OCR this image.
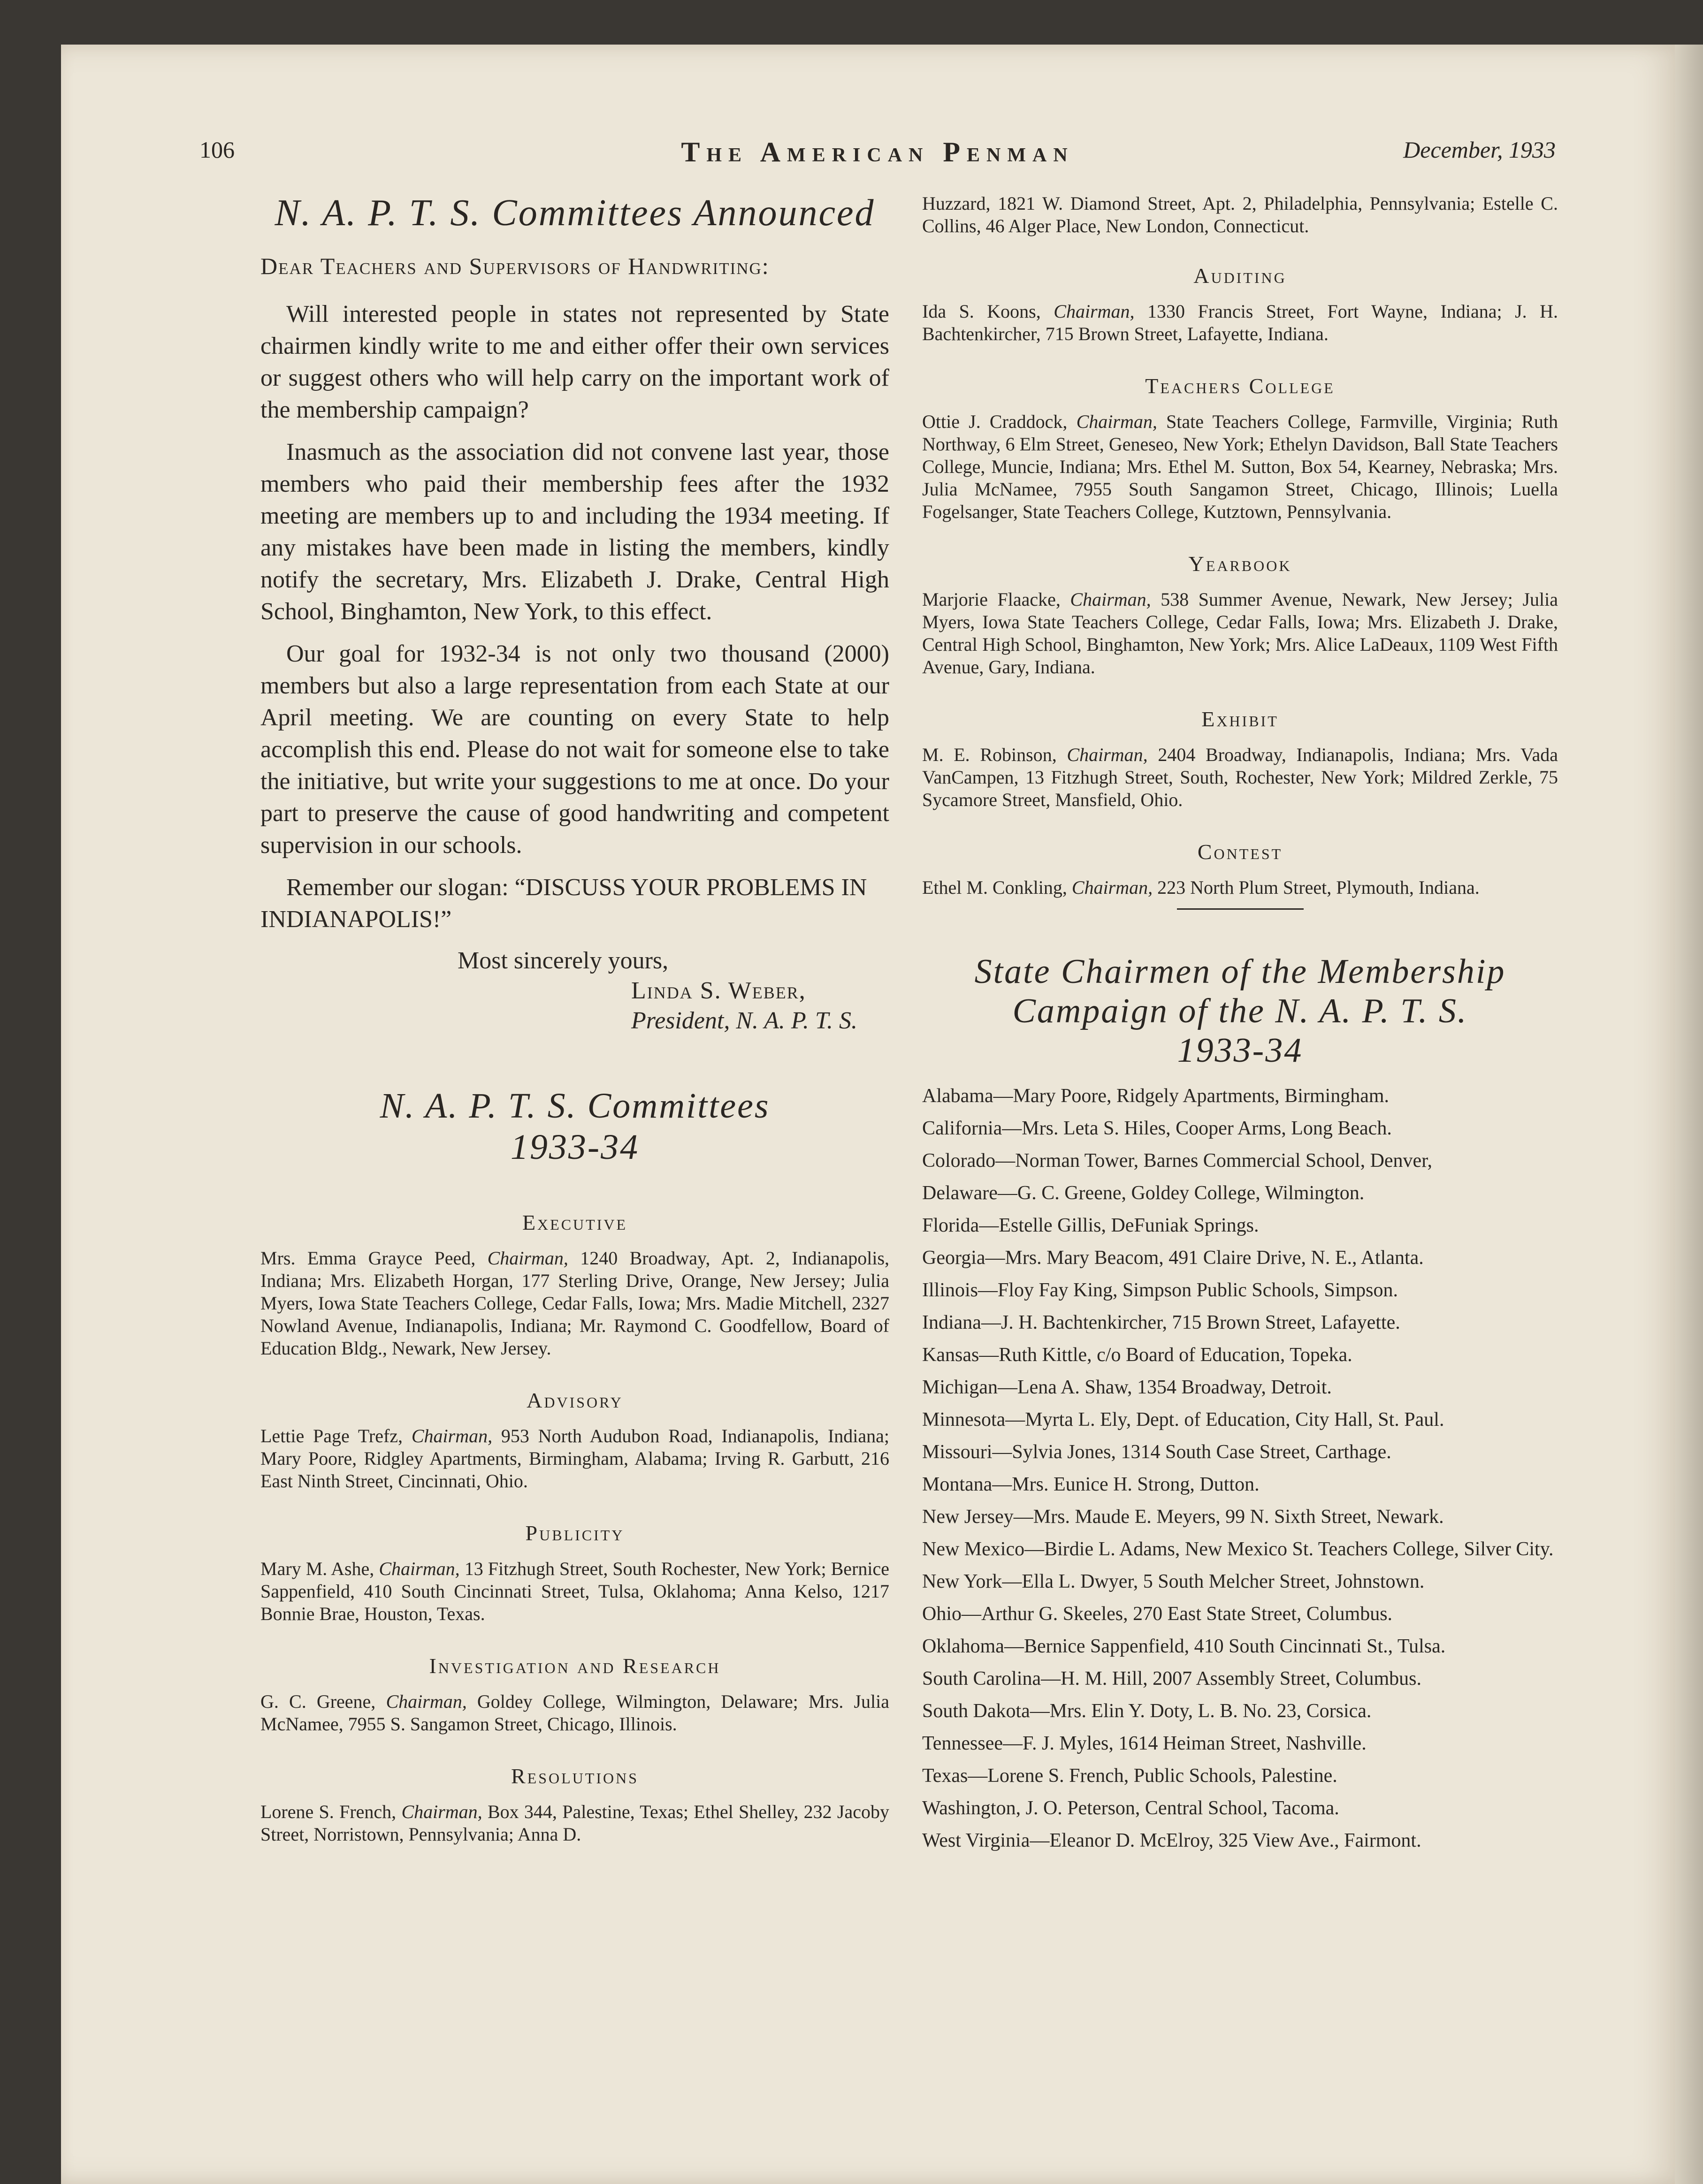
106	The American Penman	December, 1933
N. A. P. T. S. Committees Announced
Dear Teachers and Supervisors of Handwriting:

Will interested people in states not represented by State chairmen kindly write to me and either offer their own services or suggest others who will help carry on the important work of the membership campaign?

Inasmuch as the association did not convene last year, those members who paid their membership fees after the 1932 meeting are members up to and including the 1934 meeting. If any mistakes have been made in listing the members, kindly notify the secretary, Mrs. Elizabeth J. Drake, Central High School, Binghamton, New York, to this effect.

Our goal for 1932-34 is not only two thousand (2000) members but also a large representation from each State at our April meeting. We are counting on every State to help accomplish this end. Please do not wait for someone else to take the initiative, but write your suggestions to me at once. Do your part to preserve the cause of good handwriting and competent supervision in our schools.

Remember our slogan: “DISCUSS YOUR PROBLEMS IN INDIANAPOLIS!”

Most sincerely yours,
Linda S. Weber,
President, N. A. P. T. S.
N. A. P. T. S. Committees
1933-34
Executive

Mrs. Emma Grayce Peed, Chairman, 1240 Broadway, Apt. 2, Indianapolis, Indiana; Mrs. Elizabeth Horgan, 177 Sterling Drive, Orange, New Jersey; Julia Myers, Iowa State Teachers College, Cedar Falls, Iowa; Mrs. Madie Mitchell, 2327 Nowland Avenue, Indianapolis, Indiana; Mr. Raymond C. Goodfellow, Board of Education Bldg., Newark, New Jersey.

Advisory

Lettie Page Trefz, Chairman, 953 North Audubon Road, Indianapolis, Indiana; Mary Poore, Ridgley Apartments, Birmingham, Alabama; Irving R. Garbutt, 216 East Ninth Street, Cincinnati, Ohio.

Publicity

Mary M. Ashe, Chairman, 13 Fitzhugh Street, South Rochester, New York; Bernice Sappenfield, 410 South Cincinnati Street, Tulsa, Oklahoma; Anna Kelso, 1217 Bonnie Brae, Houston, Texas.

Investigation and Research

G. C. Greene, Chairman, Goldey College, Wilmington, Delaware; Mrs. Julia McNamee, 7955 S. Sangamon Street, Chicago, Illinois.

Resolutions

Lorene S. French, Chairman, Box 344, Palestine, Texas; Ethel Shelley, 232 Jacoby Street, Norristown, Pennsylvania; Anna D.

Huzzard, 1821 W. Diamond Street, Apt. 2, Philadelphia, Pennsylvania; Estelle C. Collins, 46 Alger Place, New London, Connecticut.

Auditing

Ida S. Koons, Chairman, 1330 Francis Street, Fort Wayne, Indiana; J. H. Bachtenkircher, 715 Brown Street, Lafayette, Indiana.

Teachers College

Ottie J. Craddock, Chairman, State Teachers College, Farmville, Virginia; Ruth Northway, 6 Elm Street, Geneseo, New York; Ethelyn Davidson, Ball State Teachers College, Muncie, Indiana; Mrs. Ethel M. Sutton, Box 54, Kearney, Nebraska; Mrs. Julia McNamee, 7955 South Sangamon Street, Chicago, Illinois; Luella Fogelsanger, State Teachers College, Kutztown, Pennsylvania.

Yearbook

Marjorie Flaacke, Chairman, 538 Summer Avenue, Newark, New Jersey; Julia Myers, Iowa State Teachers College, Cedar Falls, Iowa; Mrs. Elizabeth J. Drake, Central High School, Binghamton, New York; Mrs. Alice LaDeaux, 1109 West Fifth Avenue, Gary, Indiana.

Exhibit

M. E. Robinson, Chairman, 2404 Broadway, Indianapolis, Indiana; Mrs. Vada VanCampen, 13 Fitzhugh Street, South, Rochester, New York; Mildred Zerkle, 75 Sycamore Street, Mansfield, Ohio.

Contest

Ethel M. Conkling, Chairman, 223 North Plum Street, Plymouth, Indiana.

State Chairmen of the Membership
Campaign of the N. A. P. T. S.
1933-34
Alabama—Mary Poore, Ridgely Apartments, Birmingham.
California—Mrs. Leta S. Hiles, Cooper Arms, Long Beach.
Colorado—Norman Tower, Barnes Commercial School, Denver,
Delaware—G. C. Greene, Goldey College, Wilmington.
Florida—Estelle Gillis, DeFuniak Springs.
Georgia—Mrs. Mary Beacom, 491 Claire Drive, N. E., Atlanta.
Illinois—Floy Fay King, Simpson Public Schools, Simpson.
Indiana—J. H. Bachtenkircher, 715 Brown Street, Lafayette.
Kansas—Ruth Kittle, c/o Board of Education, Topeka.
Michigan—Lena A. Shaw, 1354 Broadway, Detroit.
Minnesota—Myrta L. Ely, Dept. of Education, City Hall, St. Paul.
Missouri—Sylvia Jones, 1314 South Case Street, Carthage.
Montana—Mrs. Eunice H. Strong, Dutton.
New Jersey—Mrs. Maude E. Meyers, 99 N. Sixth Street, Newark.
New Mexico—Birdie L. Adams, New Mexico St. Teachers College, Silver City.
New York—Ella L. Dwyer, 5 South Melcher Street, Johnstown.
Ohio—Arthur G. Skeeles, 270 East State Street, Columbus.
Oklahoma—Bernice Sappenfield, 410 South Cincinnati St., Tulsa.
South Carolina—H. M. Hill, 2007 Assembly Street, Columbus.
South Dakota—Mrs. Elin Y. Doty, L. B. No. 23, Corsica.
Tennessee—F. J. Myles, 1614 Heiman Street, Nashville.
Texas—Lorene S. French, Public Schools, Palestine.
Washington, J. O. Peterson, Central School, Tacoma.
West Virginia—Eleanor D. McElroy, 325 View Ave., Fairmont.
